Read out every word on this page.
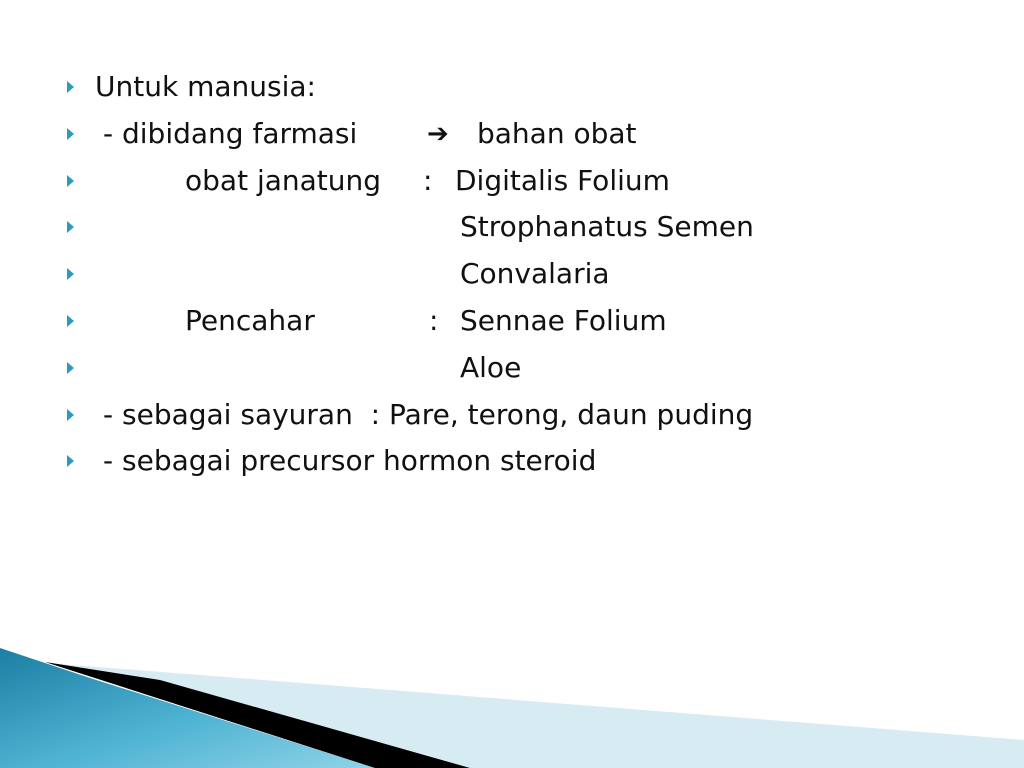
Untuk manusia:

- dibidang farmasi

	➔

bahan obat

obat janatung

:

Digitalis Folium

Strophanatus Semen

Convalaria

Pencahar

	:

Sennae Folium

Aloe

- sebagai sayuran  : Pare, terong, daun puding

- sebagai precursor hormon steroid
